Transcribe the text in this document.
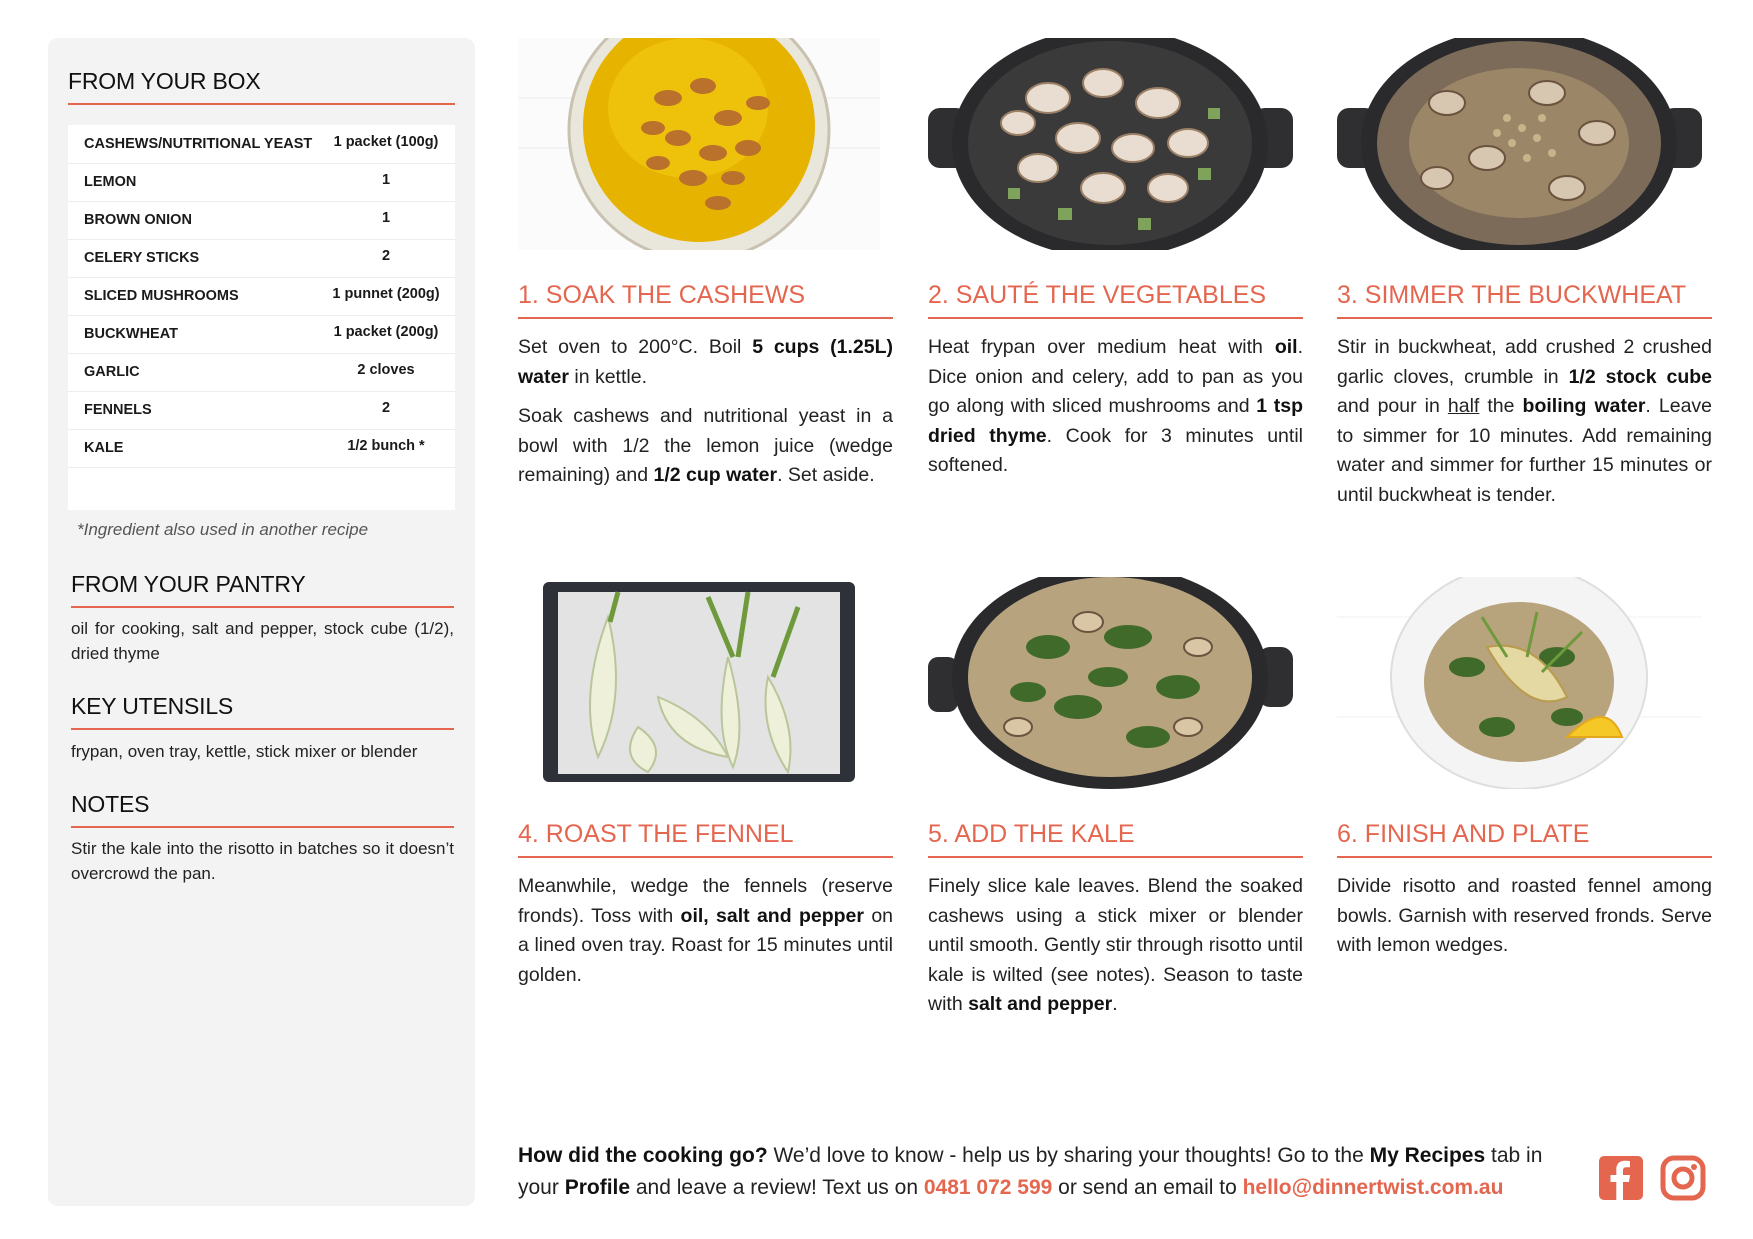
FROM YOUR BOX
CASHEWS/NUTRITIONAL YEAST	1 packet (100g)
LEMON	1
BROWN ONION	1
CELERY STICKS	2
SLICED MUSHROOMS	1 punnet (200g)
BUCKWHEAT	1 packet (200g)
GARLIC	2 cloves
FENNELS	2
KALE	1/2 bunch *
*Ingredient also used in another recipe
FROM YOUR PANTRY
oil for cooking, salt and pepper, stock cube (1/2), dried thyme
KEY UTENSILS
frypan, oven tray, kettle, stick mixer or blender
NOTES
Stir the kale into the risotto in batches so it doesn’t overcrowd the pan.
1. SOAK THE CASHEWS

Set oven to 200°C. Boil 5 cups (1.25L) water in kettle.

Soak cashews and nutritional yeast in a bowl with 1/2 the lemon juice (wedge remaining) and 1/2 cup water. Set aside.

2. SAUTÉ THE VEGETABLES

Heat frypan over medium heat with oil. Dice onion and celery, add to pan as you go along with sliced mushrooms and 1 tsp dried thyme. Cook for 3 minutes until softened.

3. SIMMER THE BUCKWHEAT

Stir in buckwheat, add crushed 2 crushed garlic cloves, crumble in 1/2 stock cube and pour in half the boiling water. Leave to simmer for 10 minutes. Add remaining water and simmer for further 15 minutes or until buckwheat is tender.

4. ROAST THE FENNEL

Meanwhile, wedge the fennels (reserve fronds). Toss with oil, salt and pepper on a lined oven tray. Roast for 15 minutes until golden.

5. ADD THE KALE

Finely slice kale leaves. Blend the soaked cashews using a stick mixer or blender until smooth. Gently stir through risotto until kale is wilted (see notes). Season to taste with salt and pepper.

6. FINISH AND PLATE

Divide risotto and roasted fennel among bowls. Garnish with reserved fronds. Serve with lemon wedges.

How did the cooking go? We’d love to know - help us by sharing your thoughts! Go to the My Recipes tab in your Profile and leave a review! Text us on 0481 072 599 or send an email to hello@dinnertwist.com.au
